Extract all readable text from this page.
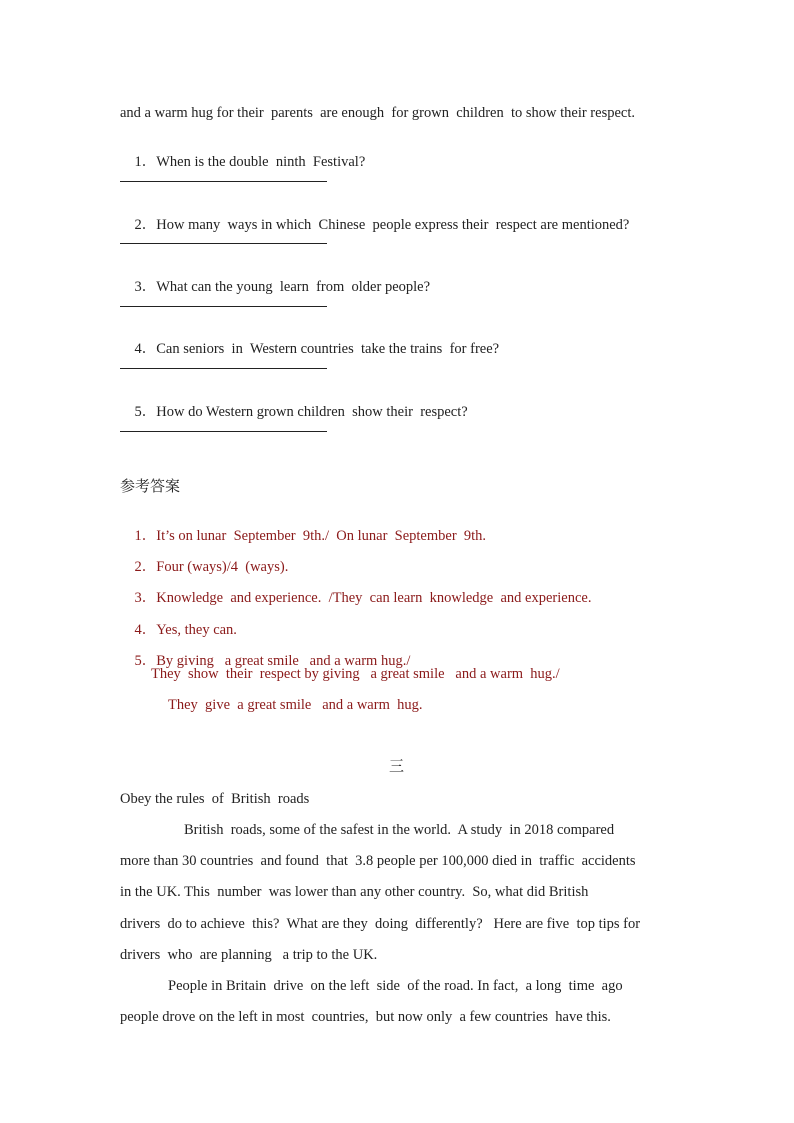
and a warm hug for their  parents  are enough  for grown  children  to show their respect.

1．When is the double  ninth  Festival?

2．How many  ways in which  Chinese  people express their  respect are mentioned?

3．What can the young  learn  from  older people?

4．Can seniors  in  Western countries  take the trains  for free?

5．How do Western grown children  show their  respect?

参考答案

1．It’s on lunar  September  9th./  On lunar  September  9th.

2．Four (ways)/4  (ways).

3．Knowledge  and experience.  /They  can learn  knowledge  and experience.

4．Yes, they can.

5．By giving   a great smile   and a warm hug./

They  show  their  respect by giving   a great smile   and a warm  hug./
They  give  a great smile   and a warm  hug.
三
Obey the rules  of  British  roads
British  roads, some of the safest in the world.  A study  in 2018 compared
more than 30 countries  and found  that  3.8 people per 100,000 died in  traffic  accidents
in the UK. This  number  was lower than any other country.  So, what did British
drivers  do to achieve  this?  What are they  doing  differently?   Here are five  top tips for
drivers  who  are planning   a trip to the UK.
People in Britain  drive  on the left  side  of the road. In fact,  a long  time  ago
people drove on the left in most  countries,  but now only  a few countries  have this.
